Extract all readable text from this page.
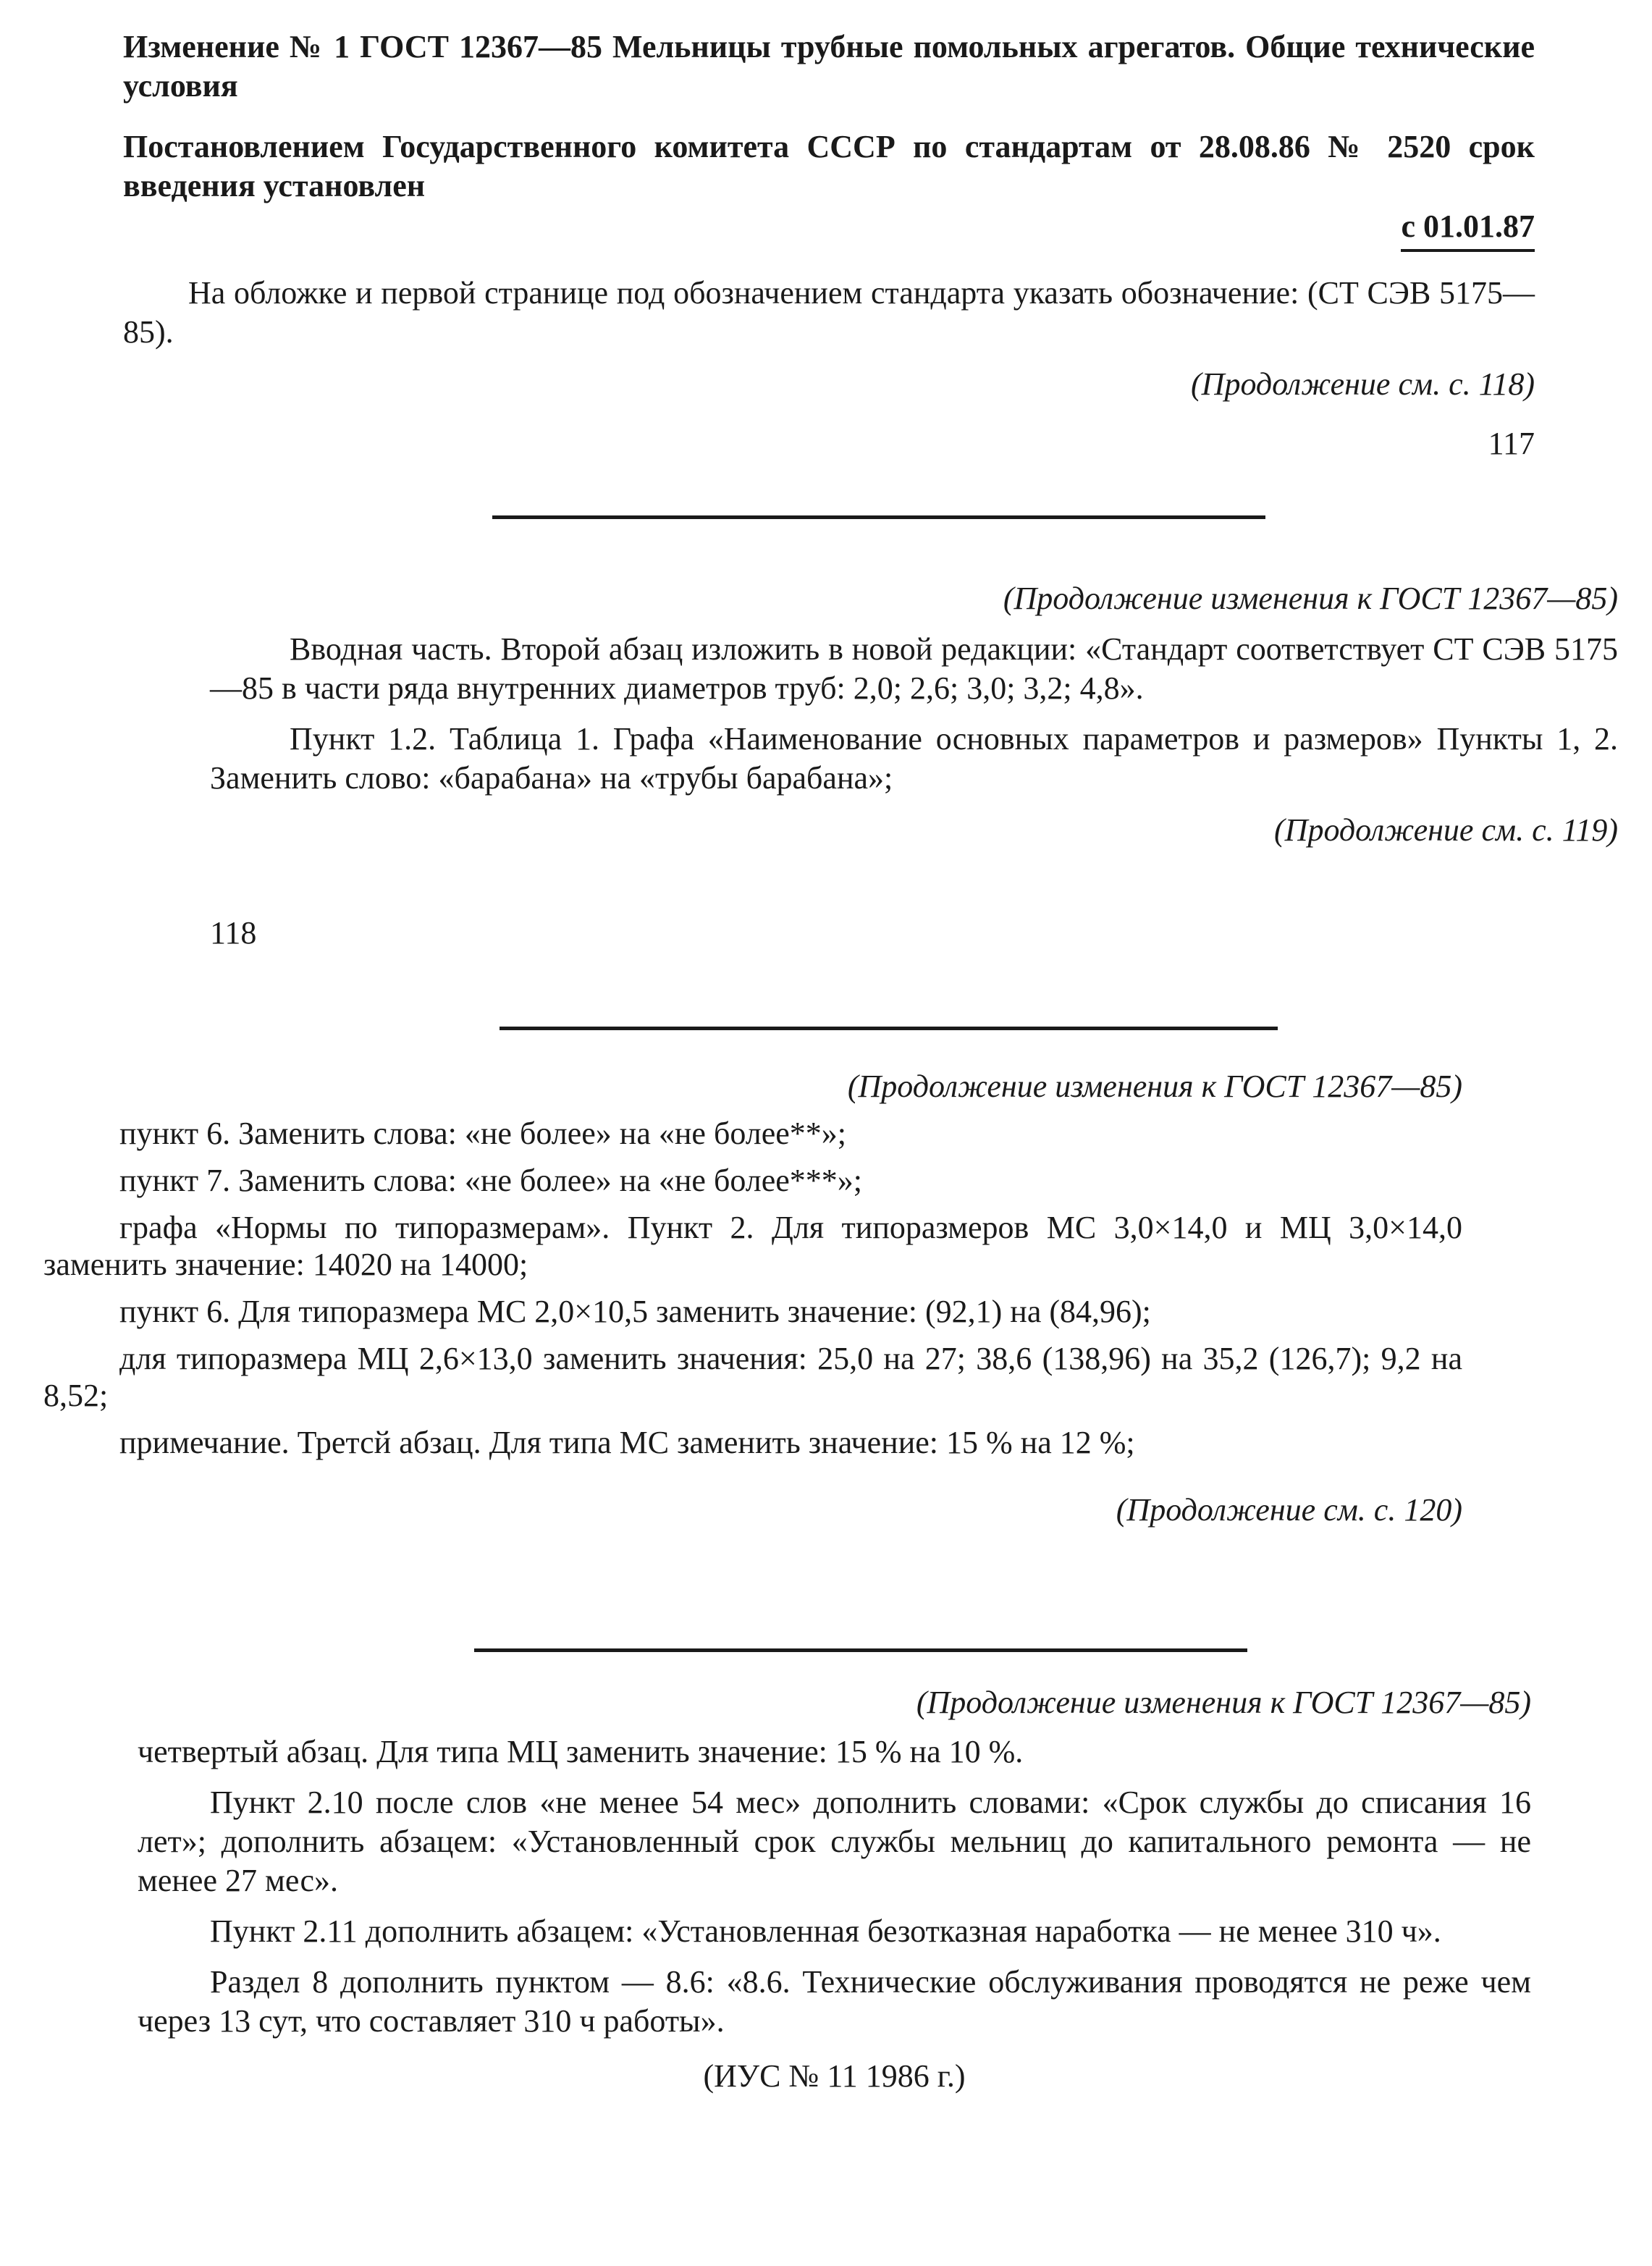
Изменение № 1 ГОСТ 12367—85 Мельницы трубные помольных агрегатов. Общие технические условия

Постановлением Государственного комитета СССР по стандартам от 28.08.86 № 2520 срок введения установлен

с 01.01.87

На обложке и первой странице под обозначением стандарта указать обозначение: (СТ СЭВ 5175—85).

(Продолжение см. с. 118)

117

(Продолжение изменения к ГОСТ 12367—85)

Вводная часть. Второй абзац изложить в новой редакции: «Стандарт соответствует СТ СЭВ 5175—85 в части ряда внутренних диаметров труб: 2,0; 2,6; 3,0; 3,2; 4,8».

Пункт 1.2. Таблица 1. Графа «Наименование основных параметров и размеров» Пункты 1, 2. Заменить слово: «барабана» на «трубы барабана»;

(Продолжение см. с. 119)

118

(Продолжение изменения к ГОСТ 12367—85)

пункт 6. Заменить слова: «не более» на «не более**»;

пункт 7. Заменить слова: «не более» на «не более***»;

графа «Нормы по типоразмерам». Пункт 2. Для типоразмеров МС 3,0×14,0 и МЦ 3,0×14,0 заменить значение: 14020 на 14000;

пункт 6. Для типоразмера МС 2,0×10,5 заменить значение: (92,1) на (84,96);

для типоразмера МЦ 2,6×13,0 заменить значения: 25,0 на 27; 38,6 (138,96) на 35,2 (126,7); 9,2 на 8,52;

примечание. Третсй абзац. Для типа МС заменить значение: 15 % на 12 %;

(Продолжение см. с. 120)

(Продолжение изменения к ГОСТ 12367—85)

четвертый абзац. Для типа МЦ заменить значение: 15 % на 10 %.

Пункт 2.10 после слов «не менее 54 мес» дополнить словами: «Срок службы до списания 16 лет»; дополнить абзацем: «Установленный срок службы мельниц до капитального ремонта — не менее 27 мес».

Пункт 2.11 дополнить абзацем: «Установленная безотказная наработка — не менее 310 ч».

Раздел 8 дополнить пунктом — 8.6: «8.6. Технические обслуживания проводятся не реже чем через 13 сут, что составляет 310 ч работы».

(ИУС № 11 1986 г.)
